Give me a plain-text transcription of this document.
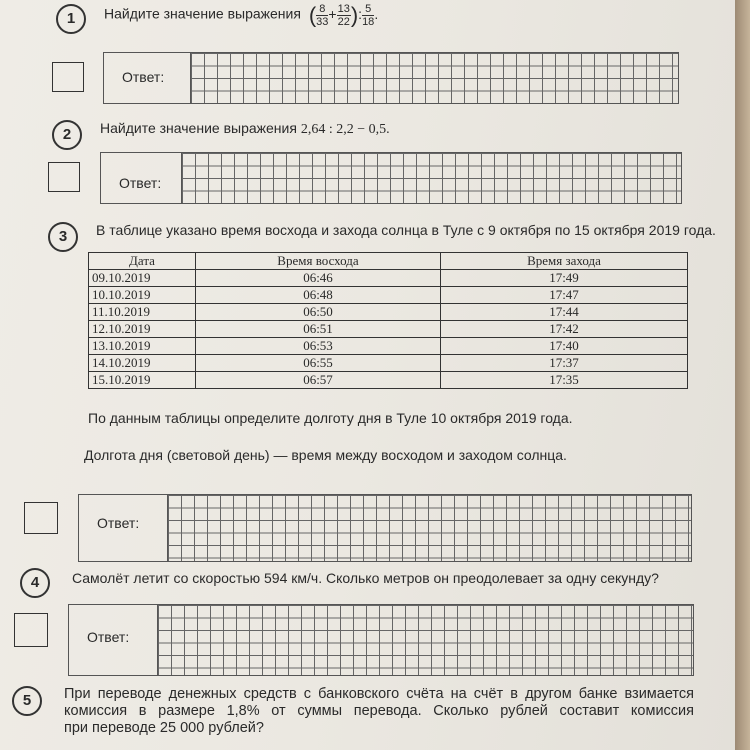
1	Найдите значение выражения ( $\frac{8}{33} + \frac{13}{22}$ ): $\frac{5}{18}$ .
Ответ:
2	Найдите значение выражения 2,64 : 2,2 − 0,5.
Ответ:
3	В таблице указано время восхода и захода солнца в Туле с 9 октября по 15 октября 2019 года.
Дата	Время восхода	Время захода
09.10.2019	06:46	17:49
10.10.2019	06:48	17:47
11.10.2019	06:50	17:44
12.10.2019	06:51	17:42
13.10.2019	06:53	17:40
14.10.2019	06:55	17:37
15.10.2019	06:57	17:35
По данным таблицы определите долготу дня в Туле 10 октября 2019 года.
Долгота дня (световой день) — время между восходом и заходом солнца.
Ответ:
4	Самолёт летит со скоростью 594 км/ч. Сколько метров он преодолевает за одну секунду?
Ответ:
5	При переводе денежных средств с банковского счёта на счёт в другом банке взимается
комиссия в размере 1,8% от суммы перевода. Сколько рублей составит комиссия
при переводе 25 000 рублей?
